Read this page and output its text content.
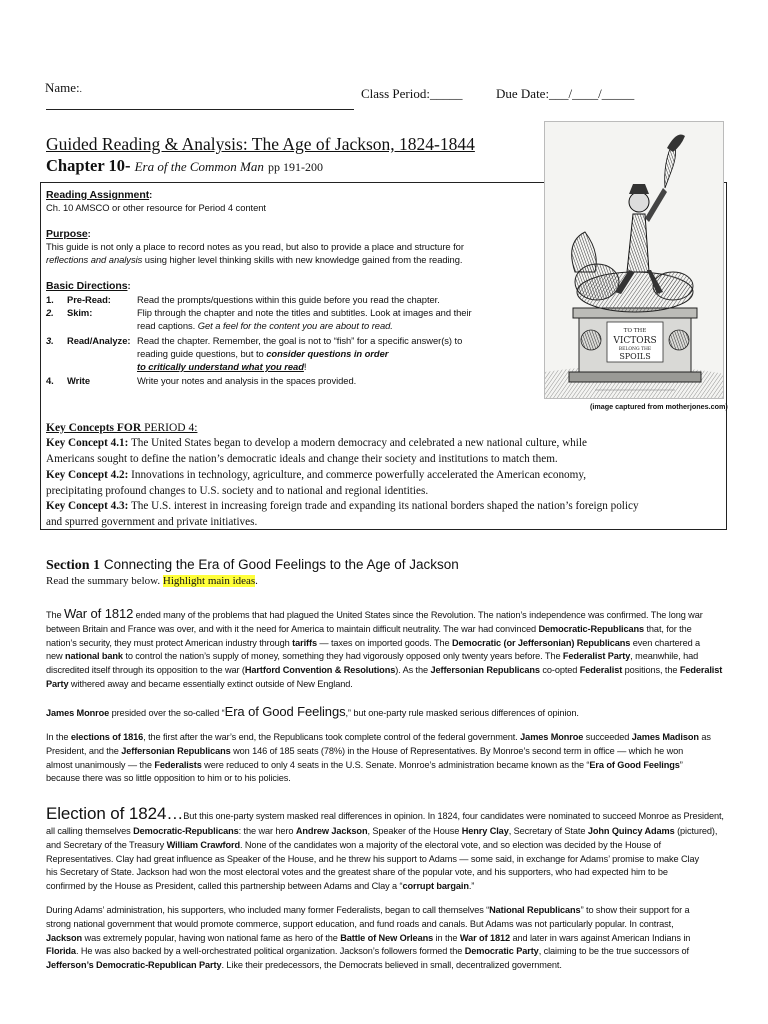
Name:.	Class Period:_____	Due Date:___/____/_____
Guided Reading & Analysis: The Age of Jackson, 1824-1844
Chapter 10- Era of the Common Man pp 191-200
Reading Assignment:
Ch. 10 AMSCO or other resource for Period 4 content
Purpose:
This guide is not only a place to record notes as you read, but also to provide a place and structure for
reflections and analysis using higher level thinking skills with new knowledge gained from the reading.
Basic Directions:
1. Pre-Read:	Read the prompts/questions within this guide before you read the chapter.
2. Skim:	Flip through the chapter and note the titles and subtitles. Look at images and their
read captions. Get a feel for the content you are about to read.
3. Read/Analyze: Read the chapter. Remember, the goal is not to “fish” for a specific answer(s) to
reading guide questions, but to consider questions in order
to critically understand what you read!
4. Write	Write your notes and analysis in the spaces provided.
TO THE
VICTORS
BELONG THE
SPOILS
(image captured from motherjones.com)
Key Concepts FOR PERIOD 4:
Key Concept 4.1: The United States began to develop a modern democracy and celebrated a new national culture, while
Americans sought to define the nation’s democratic ideals and change their society and institutions to match them.
Key Concept 4.2: Innovations in technology, agriculture, and commerce powerfully accelerated the American economy,
precipitating profound changes to U.S. society and to national and regional identities.
Key Concept 4.3: The U.S. interest in increasing foreign trade and expanding its national borders shaped the nation’s foreign policy
and spurred government and private initiatives.
Section 1 Connecting the Era of Good Feelings to the Age of Jackson
Read the summary below. Highlight main ideas.
The War of 1812 ended many of the problems that had plagued the United States since the Revolution. The nation’s independence was confirmed. The long war
between Britain and France was over, and with it the need for America to maintain difficult neutrality. The war had convinced Democratic-Republicans that, for the
nation’s security, they must protect American industry through tariffs — taxes on imported goods. The Democratic (or Jeffersonian) Republicans even chartered a
new national bank to control the nation’s supply of money, something they had vigorously opposed only twenty years before. The Federalist Party, meanwhile, had
discredited itself through its opposition to the war (Hartford Convention & Resolutions). As the Jeffersonian Republicans co-opted Federalist positions, the Federalist
Party withered away and became essentially extinct outside of New England.
James Monroe presided over the so-called “Era of Good Feelings,” but one-party rule masked serious differences of opinion.
In the elections of 1816, the first after the war’s end, the Republicans took complete control of the federal government. James Monroe succeeded James Madison as
President, and the Jeffersonian Republicans won 146 of 185 seats (78%) in the House of Representatives. By Monroe’s second term in office — which he won
almost unanimously — the Federalists were reduced to only 4 seats in the U.S. Senate. Monroe’s administration became known as the “Era of Good Feelings”
because there was so little opposition to him or to his policies.
Election of 1824…But this one-party system masked real differences in opinion. In 1824, four candidates were nominated to succeed Monroe as President,
all calling themselves Democratic-Republicans: the war hero Andrew Jackson, Speaker of the House Henry Clay, Secretary of State John Quincy Adams (pictured),
and Secretary of the Treasury William Crawford. None of the candidates won a majority of the electoral vote, and so election was decided by the House of
Representatives. Clay had great influence as Speaker of the House, and he threw his support to Adams — some said, in exchange for Adams’ promise to make Clay
his Secretary of State. Jackson had won the most electoral votes and the greatest share of the popular vote, and his supporters, who had expected him to be
confirmed by the House as President, called this partnership between Adams and Clay a “corrupt bargain.”
During Adams’ administration, his supporters, who included many former Federalists, began to call themselves “National Republicans” to show their support for a
strong national government that would promote commerce, support education, and fund roads and canals. But Adams was not particularly popular. In contrast,
Jackson was extremely popular, having won national fame as hero of the Battle of New Orleans in the War of 1812 and later in wars against American Indians in
Florida. He was also backed by a well-orchestrated political organization. Jackson’s followers formed the Democratic Party, claiming to be the true successors of
Jefferson’s Democratic-Republican Party. Like their predecessors, the Democrats believed in small, decentralized government.
